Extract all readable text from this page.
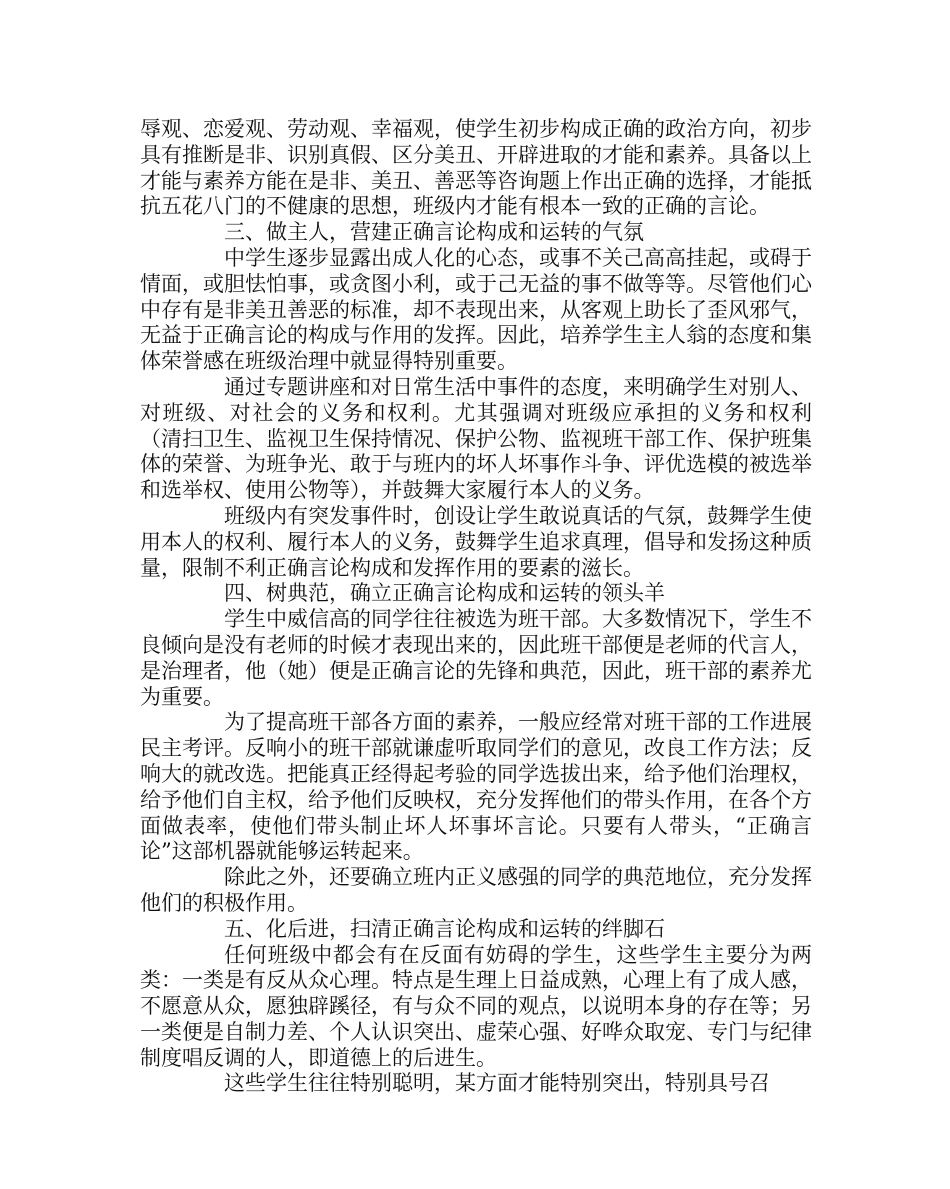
辱观、恋爱观、劳动观、幸福观，使学生初步构成正确的政治方向，初步具有推断是非、识别真假、区分美丑、开辟进取的才能和素养。具备以上才能与素养方能在是非、美丑、善恶等咨询题上作出正确的选择，才能抵抗五花八门的不健康的思想，班级内才能有根本一致的正确的言论。

三、做主人，营建正确言论构成和运转的气氛

中学生逐步显露出成人化的心态，或事不关己高高挂起，或碍于情面，或胆怯怕事，或贪图小利，或于己无益的事不做等等。尽管他们心中存有是非美丑善恶的标准，却不表现出来，从客观上助长了歪风邪气，无益于正确言论的构成与作用的发挥。因此，培养学生主人翁的态度和集体荣誉感在班级治理中就显得特别重要。

通过专题讲座和对日常生活中事件的态度，来明确学生对别人、对班级、对社会的义务和权利。尤其强调对班级应承担的义务和权利 （清扫卫生、监视卫生保持情况、保护公物、监视班干部工作、保护班集体的荣誉、为班争光、敢于与班内的坏人坏事作斗争、评优选模的被选举和选举权、使用公物等），并鼓舞大家履行本人的义务。

班级内有突发事件时，创设让学生敢说真话的气氛，鼓舞学生使用本人的权利、履行本人的义务，鼓舞学生追求真理，倡导和发扬这种质量，限制不利正确言论构成和发挥作用的要素的滋长。

四、树典范，确立正确言论构成和运转的领头羊

学生中威信高的同学往往被选为班干部。大多数情况下，学生不良倾向是没有老师的时候才表现出来的，因此班干部便是老师的代言人，是治理者，他（她）便是正确言论的先锋和典范，因此，班干部的素养尤为重要。

为了提高班干部各方面的素养，一般应经常对班干部的工作进展民主考评。反响小的班干部就谦虚听取同学们的意见，改良工作方法；反响大的就改选。把能真正经得起考验的同学选拔出来，给予他们治理权，给予他们自主权，给予他们反映权，充分发挥他们的带头作用，在各个方面做表率，使他们带头制止坏人坏事坏言论。只要有人带头，“正确言论”这部机器就能够运转起来。

除此之外，还要确立班内正义感强的同学的典范地位，充分发挥他们的积极作用。

五、化后进，扫清正确言论构成和运转的绊脚石

任何班级中都会有在反面有妨碍的学生，这些学生主要分为两类：一类是有反从众心理。特点是生理上日益成熟，心理上有了成人感，不愿意从众，愿独辟蹊径，有与众不同的观点，以说明本身的存在等；另一类便是自制力差、个人认识突出、虚荣心强、好哗众取宠、专门与纪律制度唱反调的人，即道德上的后进生。

这些学生往往特别聪明，某方面才能特别突出，特别具号召
